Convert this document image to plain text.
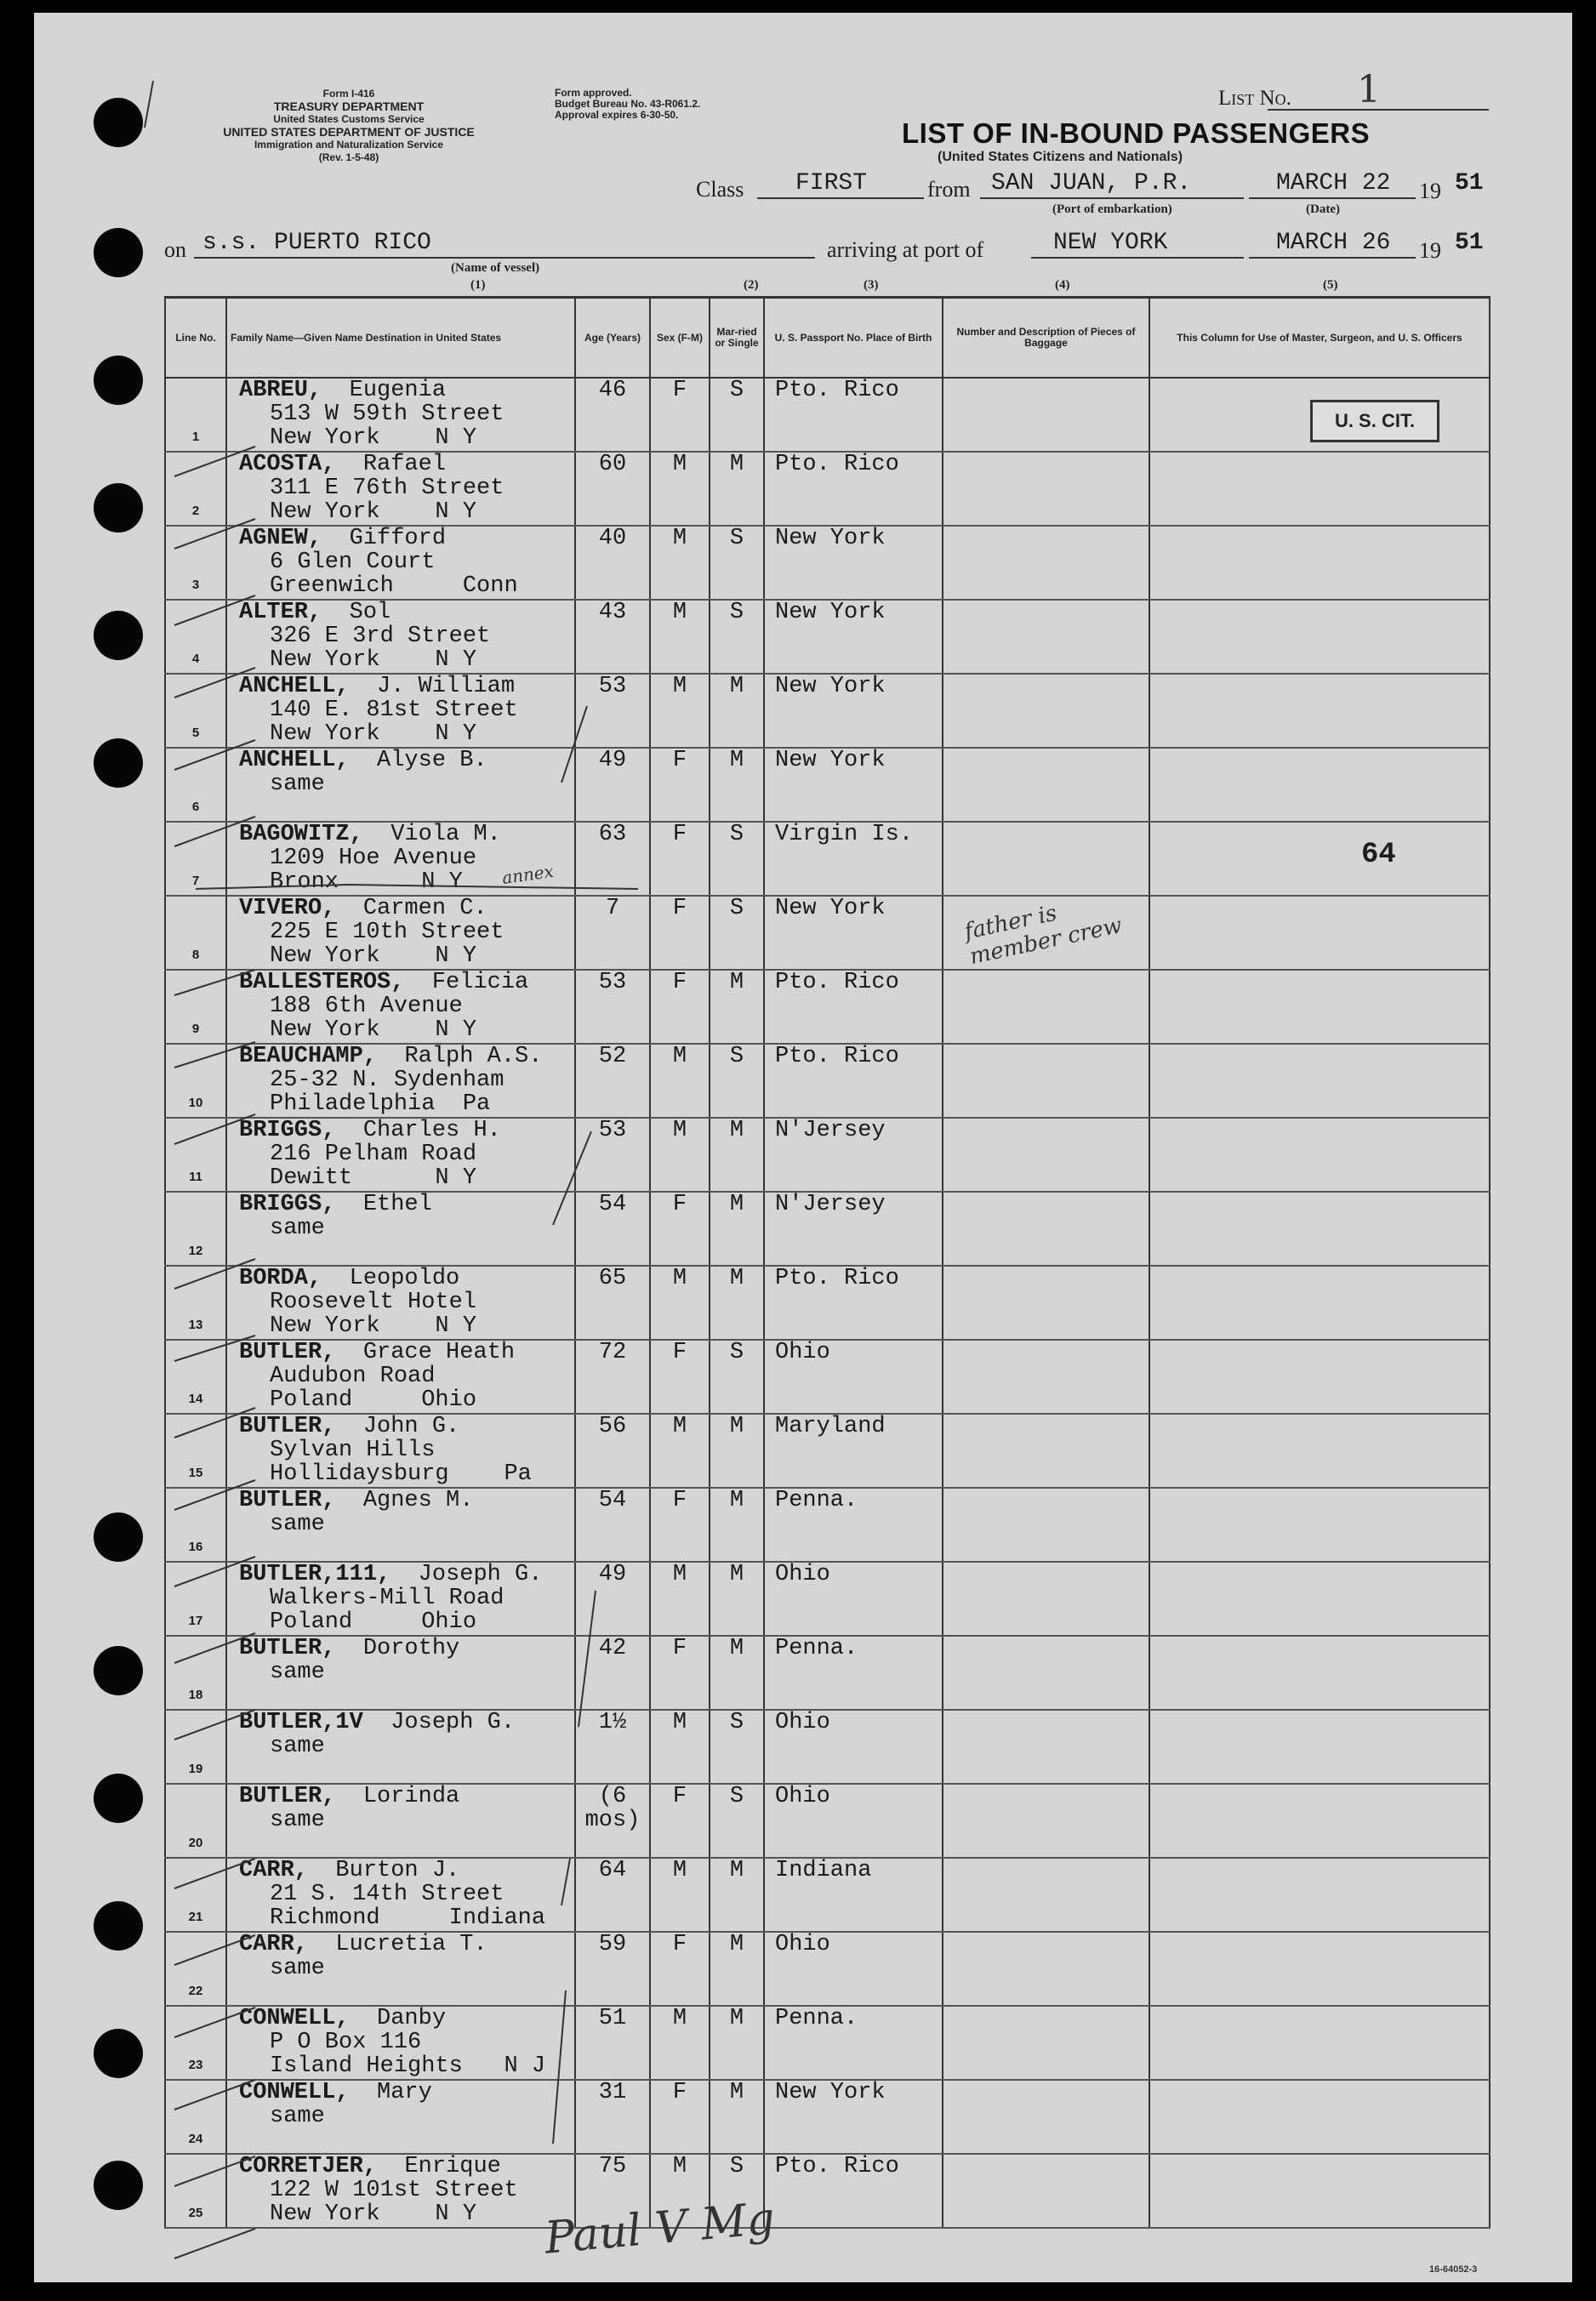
Form I-416
TREASURY DEPARTMENT
United States Customs Service
UNITED STATES DEPARTMENT OF JUSTICE
Immigration and Naturalization Service
(Rev. 1-5-48)
Form approved.
Budget Bureau No. 43-R061.2.
Approval expires 6-30-50.
List No. 1
LIST OF IN-BOUND PASSENGERS
(United States Citizens and Nationals)
Class FIRST	from SAN JUAN, P.R.
(Port of embarkation)
MARCH 22
(Date)
19 51
on s.s. PUERTO RICO
(Name of vessel)
arriving at port of	NEW YORK	MARCH 26 19 51
(1)	(2)	(3)	(4)	(5)
Line No.	Family Name—Given Name Destination in United States	Age (Years)	Sex (F-M)	Mar-ried or Single	U. S. Passport No. Place of Birth	Number and Description of Pieces of Baggage	This Column for Use of Master, Surgeon, and U. S. Officers

1	ABREU, Eugenia
513 W 59th Street
New York    N Y	46	F	S	Pto. Rico		

2	ACOSTA, Rafael
311 E 76th Street
New York    N Y	60	M	M	Pto. Rico		

3	AGNEW, Gifford
6 Glen Court
Greenwich     Conn	40	M	S	New York		

4	ALTER, Sol
326 E 3rd Street
New York    N Y	43	M	S	New York		

5	ANCHELL, J. William
140 E. 81st Street
New York    N Y	53	M	M	New York		

6	ANCHELL, Alyse B.
same	49	F	M	New York		

7	BAGOWITZ, Viola M.
1209 Hoe Avenue
Bronx      N Y	63	F	S	Virgin Is.		

8	VIVERO, Carmen C.
225 E 10th Street
New York    N Y	7	F	S	New York		

9	BALLESTEROS, Felicia
188 6th Avenue
New York    N Y	53	F	M	Pto. Rico		

10	BEAUCHAMP, Ralph A.S.
25-32 N. Sydenham
Philadelphia  Pa	52	M	S	Pto. Rico		

11	BRIGGS, Charles H.
216 Pelham Road
Dewitt      N Y	53	M	M	N'Jersey		

12	BRIGGS, Ethel
same	54	F	M	N'Jersey		

13	BORDA, Leopoldo
Roosevelt Hotel
New York    N Y	65	M	M	Pto. Rico		

14	BUTLER, Grace Heath
Audubon Road
Poland     Ohio	72	F	S	Ohio		

15	BUTLER, John G.
Sylvan Hills
Hollidaysburg    Pa	56	M	M	Maryland		

16	BUTLER, Agnes M.
same	54	F	M	Penna.		

17	BUTLER,111, Joseph G.
Walkers-Mill Road
Poland     Ohio	49	M	M	Ohio		

18	BUTLER, Dorothy
same	42	F	M	Penna.		

19	BUTLER,1V Joseph G.
same	1½	M	S	Ohio		

20	BUTLER, Lorinda
same	(6 mos)	F	S	Ohio		

21	CARR, Burton J.
21 S. 14th Street
Richmond     Indiana	64	M	M	Indiana		

22	CARR, Lucretia T.
same	59	F	M	Ohio		

23	CONWELL, Danby
P O Box 116
Island Heights   N J	51	M	M	Penna.		

24	CONWELL, Mary
same	31	F	M	New York		

25	CORRETJER, Enrique
122 W 101st Street
New York    N Y	75	M	S	Pto. Rico		
U. S. CIT.
64
father is member crew
annex
Paul V Mg
16-64052-3
